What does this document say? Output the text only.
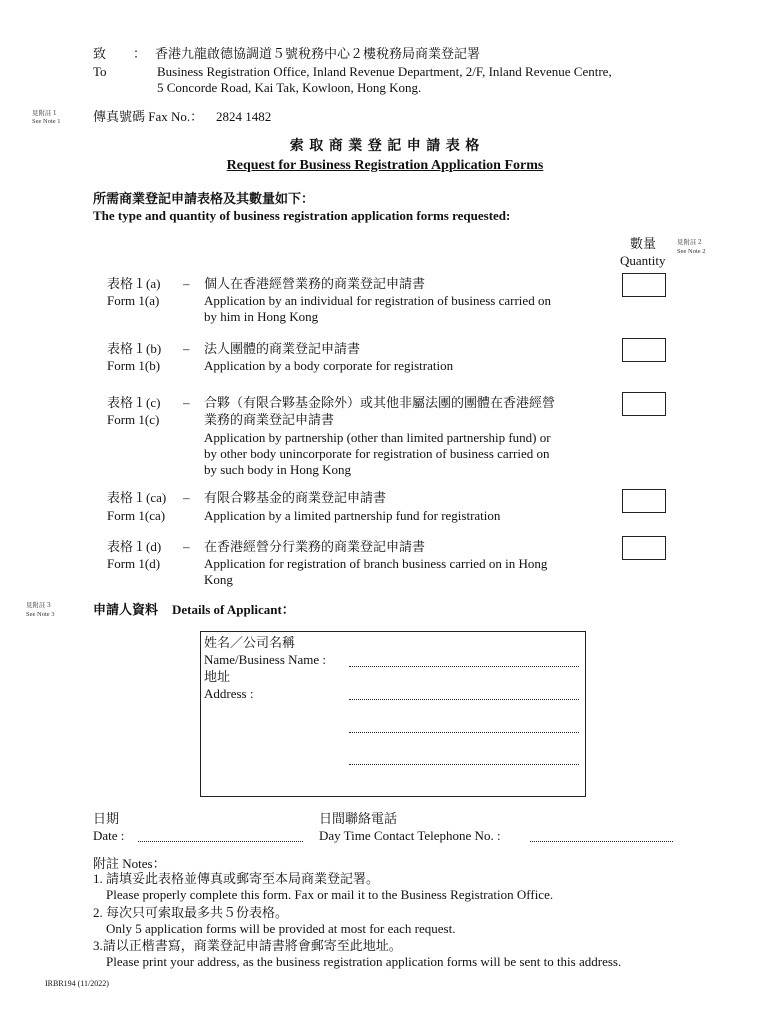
致 ： 香港九龍啟德協調道５號稅務中心２樓稅務局商業登記署
To	Business Registration Office, Inland Revenue Department, 2/F, Inland Revenue Centre,
5 Concorde Road, Kai Tak, Kowloon, Hong Kong.
見附註１
See Note 1 傳真號碼 Fax No.： 2824 1482
索 取 商 業 登 記 申 請 表 格
Request for Business Registration Application Forms
所需商業登記申請表格及其數量如下：
The type and quantity of business registration application forms requested:
數量
Quantity
見附註２
See Note 2
表格１(a)
Form 1(a)
– 個人在香港經營業務的商業登記申請書
Application by an individual for registration of business carried on
by him in Hong Kong
表格１(b)
Form 1(b)
– 法人團體的商業登記申請書
Application by a body corporate for registration
表格１(c)
Form 1(c)
– 合夥（有限合夥基金除外）或其他非屬法團的團體在香港經營
業務的商業登記申請書
Application by partnership (other than limited partnership fund) or
by other body unincorporate for registration of business carried on
by such body in Hong Kong
表格１(ca)
Form 1(ca)
– 有限合夥基金的商業登記申請書
Application by a limited partnership fund for registration
表格１(d)
Form 1(d)
– 在香港經營分行業務的商業登記申請書
Application for registration of branch business carried on in Hong
Kong
見附註３
See Note 3	申請人資料 Details of Applicant：
姓名／公司名稱
Name/Business Name :
地址
Address :
日期
Date :
日間聯絡電話
Day Time Contact Telephone No. :
附註 Notes：
1. 請填妥此表格並傳真或郵寄至本局商業登記署。
Please properly complete this form. Fax or mail it to the Business Registration Office.
2. 每次只可索取最多共５份表格。
Only 5 application forms will be provided at most for each request.
3.請以正楷書寫，商業登記申請書將會郵寄至此地址。
Please print your address, as the business registration application forms will be sent to this address.
IRBR194 (11/2022)
